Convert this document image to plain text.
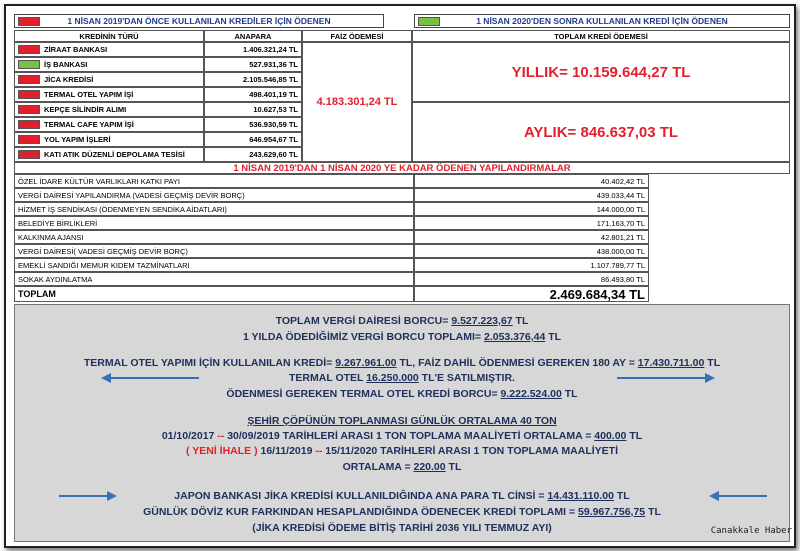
1 NİSAN 2019'DAN ÖNCE KULLANILAN KREDİLER İÇİN ÖDENEN	1 NİSAN 2020'DEN SONRA KULLANILAN KREDİ İÇİN ÖDENEN
KREDİNİN TÜRÜ	ANAPARA	FAİZ ÖDEMESİ	TOPLAM KREDİ ÖDEMESİ
ZİRAAT BANKASI	1.406.321,24 TL
İŞ BANKASI	527.931,36 TL
JİCA KREDİSİ	2.105.546,85 TL
TERMAL OTEL YAPIM İŞİ	498.401,19 TL
KEPÇE SİLİNDİR ALIMI	10.627,53 TL
TERMAL CAFE YAPIM İŞİ	536.930,59 TL
YOL YAPIM İŞLERİ	646.954,67 TL
KATI ATIK DÜZENLİ DEPOLAMA TESİSİ	243.629,60 TL
4.183.301,24 TL
YILLIK= 10.159.644,27 TL
AYLIK= 846.637,03 TL
1 NİSAN 2019'DAN 1 NİSAN 2020 YE KADAR ÖDENEN YAPILANDIRMALAR
ÖZEL İDARE KÜLTÜR VARLIKLARI KATKI PAYI	40.402,42 TL
VERGİ DAİRESİ YAPILANDIRMA (VADESİ GEÇMİŞ DEVİR BORÇ)	439.033,44 TL
HİZMET İŞ SENDİKASI (ÖDENMEYEN SENDİKA AİDATLARI)	144.000,00 TL
BELEDİYE BİRLİKLERİ	171.163,70 TL
KALKINMA AJANSI	42.801,21 TL
VERGİ DAİRESİ( VADESİ GEÇMİŞ DEVİR BORÇ)	438.000,00 TL
EMEKLİ SANDIĞI MEMUR KIDEM TAZMİNATLARI	1.107.789,77 TL
SOKAK AYDINLATMA	86.493,80 TL
TOPLAM	2.469.684,34 TL
TOPLAM VERGİ DAİRESİ BORCU= 9.527.223,67 TL
1 YILDA ÖDEDİĞİMİZ VERGİ BORCU TOPLAMI= 2.053.376,44 TL
TERMAL OTEL YAPIMI İÇİN KULLANILAN KREDİ= 9.267.961.00 TL, FAİZ DAHİL ÖDENMESİ GEREKEN 180 AY = 17.430.711.00 TL
TERMAL OTEL 16.250.000 TL'E SATILMIŞTIR.
ÖDENMESİ GEREKEN TERMAL OTEL KREDİ BORCU= 9.222.524.00 TL
ŞEHİR ÇÖPÜNÜN TOPLANMASI GÜNLÜK ORTALAMA 40 TON
01/10/2017 -- 30/09/2019 TARİHLERİ ARASI 1 TON TOPLAMA MAALİYETİ ORTALAMA = 400.00 TL
( YENİ İHALE ) 16/11/2019 -- 15/11/2020 TARİHLERİ ARASI 1 TON TOPLAMA MAALİYETİ
ORTALAMA = 220.00 TL
JAPON BANKASI JİKA KREDİSİ KULLANILDIĞINDA ANA PARA TL CİNSİ = 14.431.110.00 TL
GÜNLÜK DÖVİZ KUR FARKINDAN HESAPLANDIĞINDA ÖDENECEK KREDİ TOPLAMI = 59.967.756,75 TL
(JİKA KREDİSİ ÖDEME BİTİŞ TARİHİ 2036 YILI TEMMUZ AYI)	Canakkale Haber
